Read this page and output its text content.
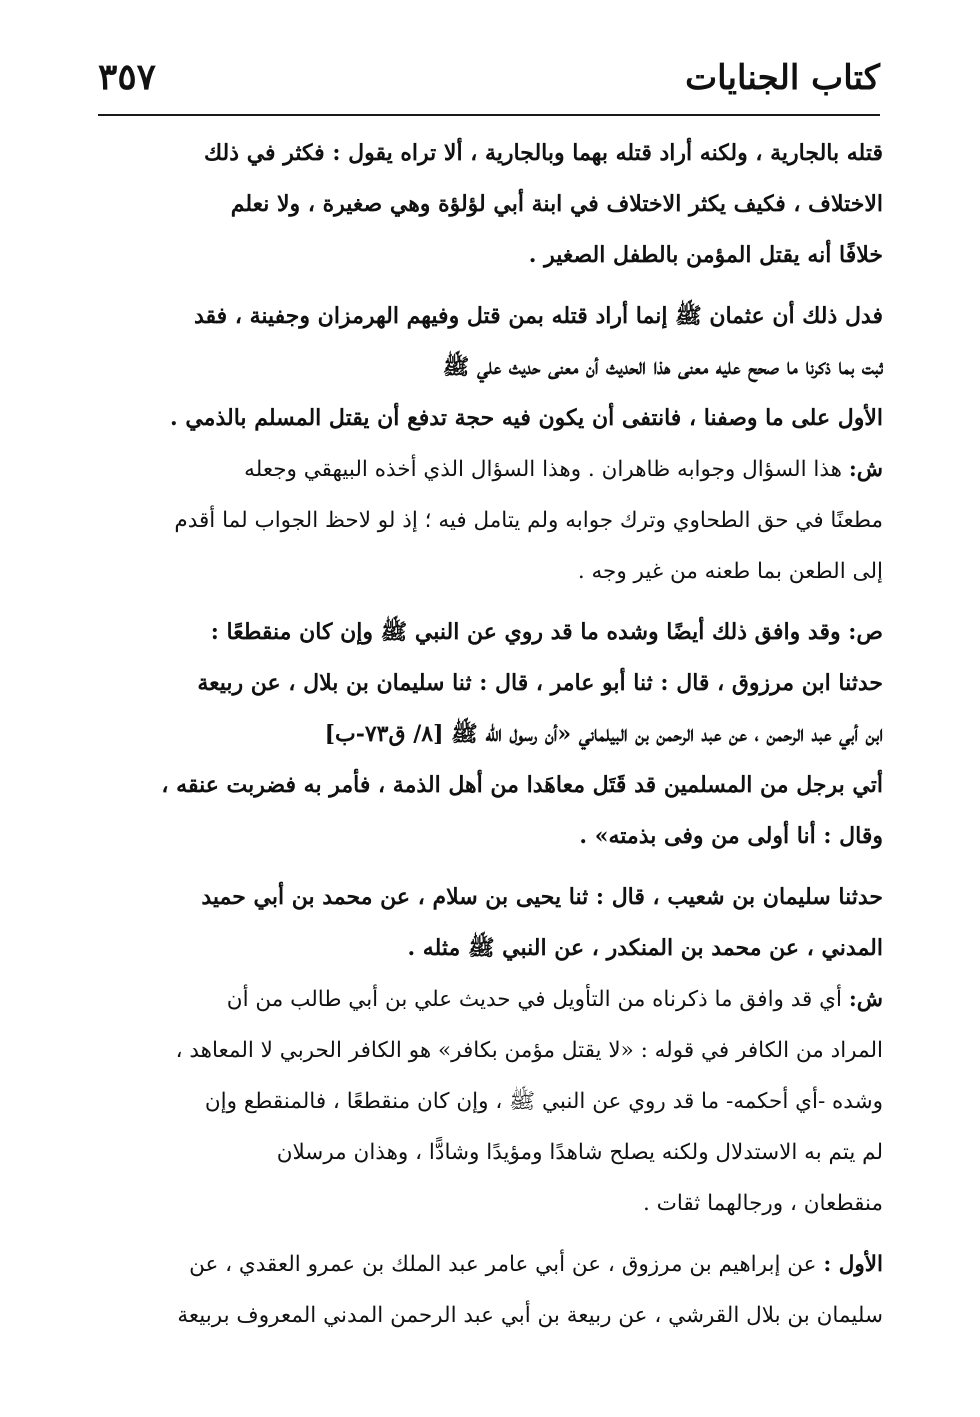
كتاب الجنايات
٣٥٧
قتله بالجارية ، ولكنه أراد قتله بهما وبالجارية ، ألا تراه يقول : فكثر في ذلك
الاختلاف ، فكيف يكثر الاختلاف في ابنة أبي لؤلؤة وهي صغيرة ، ولا نعلم
خلافًا أنه يقتل المؤمن بالطفل الصغير .
فدل ذلك أن عثمان ﷺ إنما أراد قتله بمن قتل وفيهم الهرمزان وجفينة ، فقد
ثبت بما ذكرنا ما صحح عليه معنى هذا الحديث أن معنى حديث علي ﷺ
الأول على ما وصفنا ، فانتفى أن يكون فيه حجة تدفع أن يقتل المسلم بالذمي .
ش: هذا السؤال وجوابه ظاهران . وهذا السؤال الذي أخذه البيهقي وجعله
مطعنًا في حق الطحاوي وترك جوابه ولم يتامل فيه ؛ إذ لو لاحظ الجواب لما أقدم
إلى الطعن بما طعنه من غير وجه .
ص: وقد وافق ذلك أيضًا وشده ما قد روي عن النبي ﷺ وإن كان منقطعًا :
حدثنا ابن مرزوق ، قال : ثنا أبو عامر ، قال : ثنا سليمان بن بلال ، عن ربيعة
ابن أبي عبد الرحمن ، عن عبد الرحمن بن البيلماني «أن رسول الله ﷺ [٨/ ق٧٣-ب]
أتي برجل من المسلمين قد قَتَل معاهَدا من أهل الذمة ، فأمر به فضربت عنقه ،
وقال : أنا أولى من وفى بذمته» .
حدثنا سليمان بن شعيب ، قال : ثنا يحيى بن سلام ، عن محمد بن أبي حميد
المدني ، عن محمد بن المنكدر ، عن النبي ﷺ مثله .
ش: أي قد وافق ما ذكرناه من التأويل في حديث علي بن أبي طالب من أن
المراد من الكافر في قوله : «لا يقتل مؤمن بكافر» هو الكافر الحربي لا المعاهد ،
وشده -أي أحكمه- ما قد روي عن النبي ﷺ ، وإن كان منقطعًا ، فالمنقطع وإن
لم يتم به الاستدلال ولكنه يصلح شاهدًا ومؤيدًا وشادًّا ، وهذان مرسلان
منقطعان ، ورجالهما ثقات .
الأول : عن إبراهيم بن مرزوق ، عن أبي عامر عبد الملك بن عمرو العقدي ، عن
سليمان بن بلال القرشي ، عن ربيعة بن أبي عبد الرحمن المدني المعروف بربيعة
